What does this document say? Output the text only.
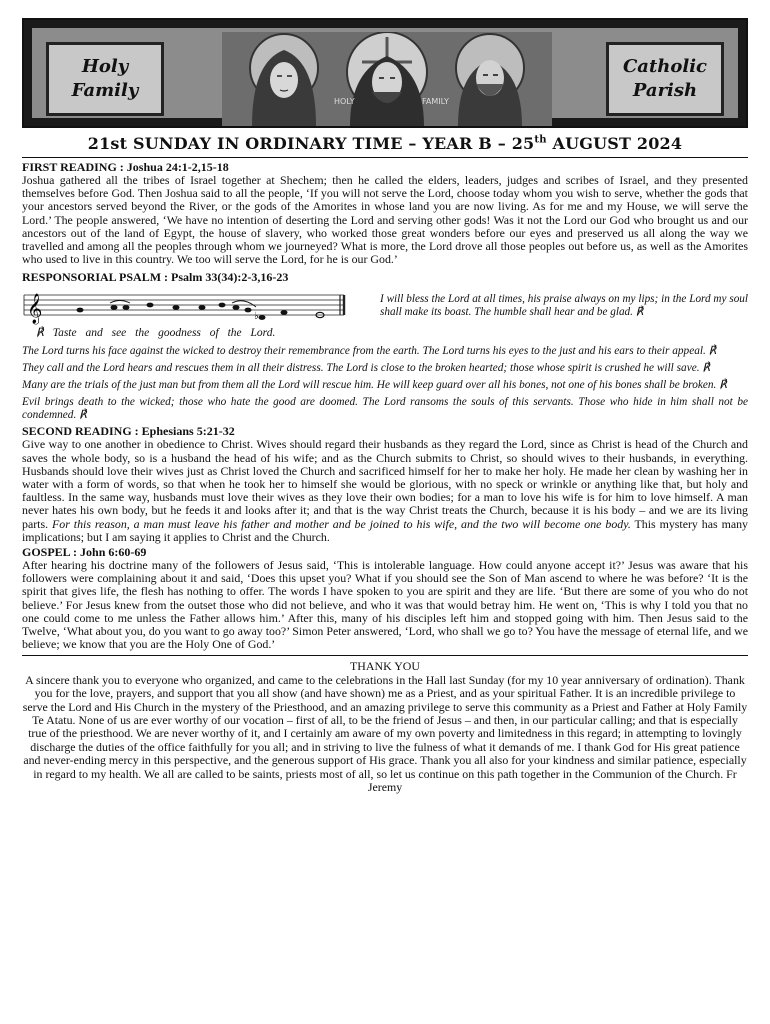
Holy
Family
HOLY	FAMILY
Catholic
Parish
21st SUNDAY IN ORDINARY TIME – YEAR B – 25th AUGUST 2024

FIRST READING : Joshua 24:1-2,15-18

Joshua gathered all the tribes of Israel together at Shechem; then he called the elders, leaders, judges and scribes of Israel, and they presented themselves before God. Then Joshua said to all the people, ‘If you will not serve the Lord, choose today whom you wish to serve, whether the gods that your ancestors served beyond the River, or the gods of the Amorites in whose land you are now living. As for me and my House, we will serve the Lord.’ The people answered, ‘We have no intention of deserting the Lord and serving other gods! Was it not the Lord our God who brought us and our ancestors out of the land of Egypt, the house of slavery, who worked those great wonders before our eyes and preserved us all along the way we travelled and among all the peoples through whom we journeyed? What is more, the Lord drove all those peoples out before us, as well as the Amorites who used to live in this country. We too will serve the Lord, for he is our God.’

RESPONSORIAL PSALM : Psalm 33(34):2-3,16-23

𝄞	♭
℟ Taste and see the goodness of the Lord.
I will bless the Lord at all times, his praise always on my lips; in the Lord my soul shall make its boast. The humble shall hear and be glad. ℟

The Lord turns his face against the wicked to destroy their remembrance from the earth. The Lord turns his eyes to the just and his ears to their appeal. ℟

They call and the Lord hears and rescues them in all their distress. The Lord is close to the broken hearted; those whose spirit is crushed he will save. ℟

Many are the trials of the just man but from them all the Lord will rescue him. He will keep guard over all his bones, not one of his bones shall be broken. ℟

Evil brings death to the wicked; those who hate the good are doomed. The Lord ransoms the souls of this servants. Those who hide in him shall not be condemned. ℟

SECOND READING : Ephesians 5:21-32

Give way to one another in obedience to Christ. Wives should regard their husbands as they regard the Lord, since as Christ is head of the Church and saves the whole body, so is a husband the head of his wife; and as the Church submits to Christ, so should wives to their husbands, in everything. Husbands should love their wives just as Christ loved the Church and sacrificed himself for her to make her holy. He made her clean by washing her in water with a form of words, so that when he took her to himself she would be glorious, with no speck or wrinkle or anything like that, but holy and faultless. In the same way, husbands must love their wives as they love their own bodies; for a man to love his wife is for him to love himself. A man never hates his own body, but he feeds it and looks after it; and that is the way Christ treats the Church, because it is his body – and we are its living parts. For this reason, a man must leave his father and mother and be joined to his wife, and the two will become one body. This mystery has many implications; but I am saying it applies to Christ and the Church.

GOSPEL : John 6:60-69

After hearing his doctrine many of the followers of Jesus said, ‘This is intolerable language. How could anyone accept it?’ Jesus was aware that his followers were complaining about it and said, ‘Does this upset you? What if you should see the Son of Man ascend to where he was before? ‘It is the spirit that gives life, the flesh has nothing to offer. The words I have spoken to you are spirit and they are life. ‘But there are some of you who do not believe.’ For Jesus knew from the outset those who did not believe, and who it was that would betray him. He went on, ‘This is why I told you that no one could come to me unless the Father allows him.’ After this, many of his disciples left him and stopped going with him. Then Jesus said to the Twelve, ‘What about you, do you want to go away too?’ Simon Peter answered, ‘Lord, who shall we go to? You have the message of eternal life, and we believe; we know that you are the Holy One of God.’

THANK YOU
A sincere thank you to everyone who organized, and came to the celebrations in the Hall last Sunday (for my 10 year anniversary of ordination). Thank you for the love, prayers, and support that you all show (and have shown) me as a Priest, and as your spiritual Father. It is an incredible privilege to serve the Lord and His Church in the mystery of the Priesthood, and an amazing privilege to serve this community as a Priest and Father at Holy Family Te Atatu. None of us are ever worthy of our vocation – first of all, to be the friend of Jesus – and then, in our particular calling; and that is especially true of the priesthood. We are never worthy of it, and I certainly am aware of my own poverty and limitedness in this regard; in attempting to lovingly discharge the duties of the office faithfully for you all; and in striving to live the fulness of what it demands of me. I thank God for His great patience and never-ending mercy in this perspective, and the generous support of His grace. Thank you all also for your kindness and similar patience, especially in regard to my health. We all are called to be saints, priests most of all, so let us continue on this path together in the Communion of the Church. Fr Jeremy
